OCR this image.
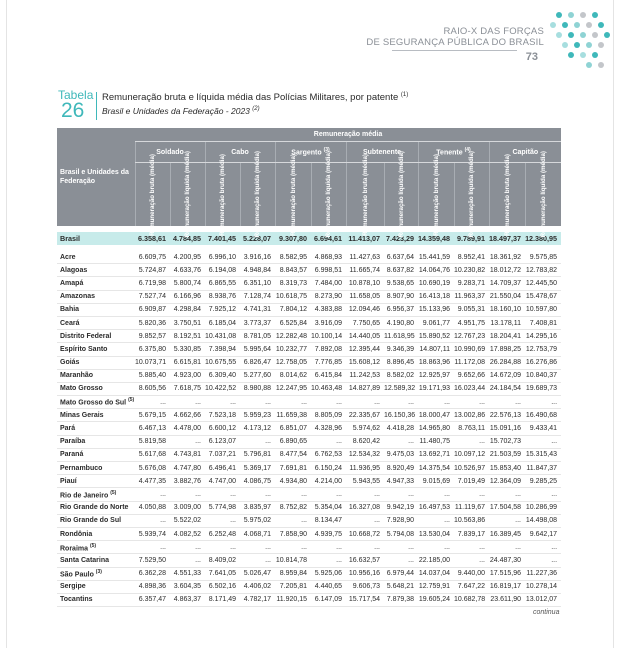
RAIO-X DAS FORÇAS
DE SEGURANÇA PÚBLICA DO BRASIL
73
Tabela
26
Remuneração bruta e líquida média das Polícias Militares, por patente $^{(1)}$
Brasil e Unidades da Federação - 2023 $^{(2)}$
Brasil e Unidades da Federação	Remuneração média											
	Soldado		Cabo		Sargento $^{(3)}$		Subtenente		Tenente $^{(4)}$		Capitão	

	Remuneração bruta (média)	Remuneração líquida (média)	Remuneração bruta (média)	Remuneração líquida (média)	Remuneração bruta (média)	Remuneração líquida (média)	Remuneração bruta (média)	Remuneração líquida (média)	Remuneração bruta (média)	Remuneração líquida (média)	Remuneração bruta (média)	Remuneração líquida (média)

Brasil	6.358,61	4.784,85	7.401,45	5.228,07	9.307,80	6.694,61	11.413,07	7.423,29	14.359,48	9.789,91	18.497,37	12.380,95

Acre	6.609,75	4.200,95	6.996,10	3.916,16	8.582,95	4.868,93	11.427,63	6.637,64	15.441,59	8.952,41	18.361,92	9.575,85
Alagoas	5.724,87	4.633,76	6.194,08	4.948,84	8.843,57	6.998,51	11.665,74	8.637,82	14.064,76	10.230,82	18.012,72	12.783,82
Amapá	6.719,98	5.800,74	6.865,55	6.351,10	8.319,73	7.484,00	10.878,10	9.538,65	10.690,19	9.283,71	14.709,37	12.445,50
Amazonas	7.527,74	6.166,96	8.938,76	7.128,74	10.618,75	8.273,90	11.658,05	8.907,90	16.413,18	11.963,37	21.550,04	15.478,67
Bahia	6.909,87	4.298,84	7.925,12	4.741,31	7.804,12	4.383,88	12.094,46	6.956,37	15.133,96	9.055,31	18.160,10	10.597,80
Ceará	5.820,36	3.750,51	6.185,04	3.773,37	6.525,84	3.916,09	7.750,65	4.190,80	9.061,77	4.951,75	13.178,11	7.408,81
Distrito Federal	9.852,57	8.192,51	10.431,08	8.781,05	12.282,48	10.100,14	14.440,05	11.618,95	15.890,52	12.767,23	18.204,41	14.295,16
Espírito Santo	6.375,80	5.330,85	7.398,94	5.995,64	10.232,77	7.892,08	12.395,44	9.346,39	14.807,11	10.990,69	17.898,25	12.753,79
Goiás	10.073,71	6.615,81	10.675,55	6.826,47	12.758,05	7.776,85	15.608,12	8.896,45	18.863,96	11.172,08	26.284,88	16.276,86
Maranhão	5.885,40	4.923,00	6.309,40	5.277,60	8.014,62	6.415,84	11.242,53	8.582,02	12.925,97	9.652,66	14.672,09	10.840,37
Mato Grosso	8.605,56	7.618,75	10.422,52	8.980,88	12.247,95	10.463,48	14.827,89	12.589,32	19.171,93	16.023,44	24.184,54	19.689,73
Mato Grosso do Sul $^{(5)}$	...	...	...	...	...	...	...	...	...	...	...	...
Minas Gerais	5.679,15	4.662,66	7.523,18	5.959,23	11.659,38	8.805,09	22.335,67	16.150,36	18.000,47	13.002,86	22.576,13	16.490,68
Pará	6.467,13	4.478,00	6.600,12	4.173,12	6.851,07	4.328,96	5.974,62	4.418,28	14.965,80	8.763,11	15.091,16	9.433,41
Paraíba	5.819,58	...	6.123,07	...	6.890,65	...	8.620,42	...	11.480,75	...	15.702,73	...
Paraná	5.617,68	4.743,81	7.037,21	5.796,81	8.477,54	6.762,53	12.534,32	9.475,03	13.692,71	10.097,12	21.503,59	15.315,43
Pernambuco	5.676,08	4.747,80	6.496,41	5.369,17	7.691,81	6.150,24	11.936,95	8.920,49	14.375,54	10.526,97	15.853,40	11.847,37
Piauí	4.477,35	3.882,76	4.747,00	4.086,75	4.934,80	4.214,00	5.943,55	4.947,33	9.015,69	7.019,49	12.364,09	9.285,25
Rio de Janeiro $^{(5)}$	...	...	...	...	...	...	...	...	...	...	...	...
Rio Grande do Norte	4.050,88	3.009,00	5.774,98	3.835,97	8.752,82	5.354,04	16.327,08	9.942,19	16.497,53	11.119,67	17.504,58	10.286,99
Rio Grande do Sul	...	5.522,02	...	5.975,02	...	8.134,47	...	7.928,90	...	10.563,86	...	14.498,08
Rondônia	5.939,74	4.082,52	6.252,48	4.068,71	7.858,90	4.939,75	10.668,72	5.794,08	13.530,04	7.839,17	16.389,45	9.642,17
Roraima $^{(5)}$	...	...	...	...	...	...	...	...	...	...	...	...
Santa Catarina	7.529,50	...	8.409,02	...	10.814,78	...	16.632,57	...	22.185,00	...	24.487,30	...
São Paulo $^{(3)}$	6.362,28	4.551,33	7.641,05	5.026,47	8.959,84	5.925,06	10.956,16	6.979,44	14.037,04	9.440,00	17.515,96	11.227,36
Sergipe	4.898,36	3.604,35	6.502,16	4.406,02	7.205,81	4.440,65	9.606,73	5.648,21	12.759,91	7.647,22	16.819,17	10.278,14
Tocantins	6.357,47	4.863,37	8.171,49	4.782,17	11.920,15	6.147,09	15.717,54	7.879,38	19.605,24	10.682,78	23.611,90	13.012,07
continua
